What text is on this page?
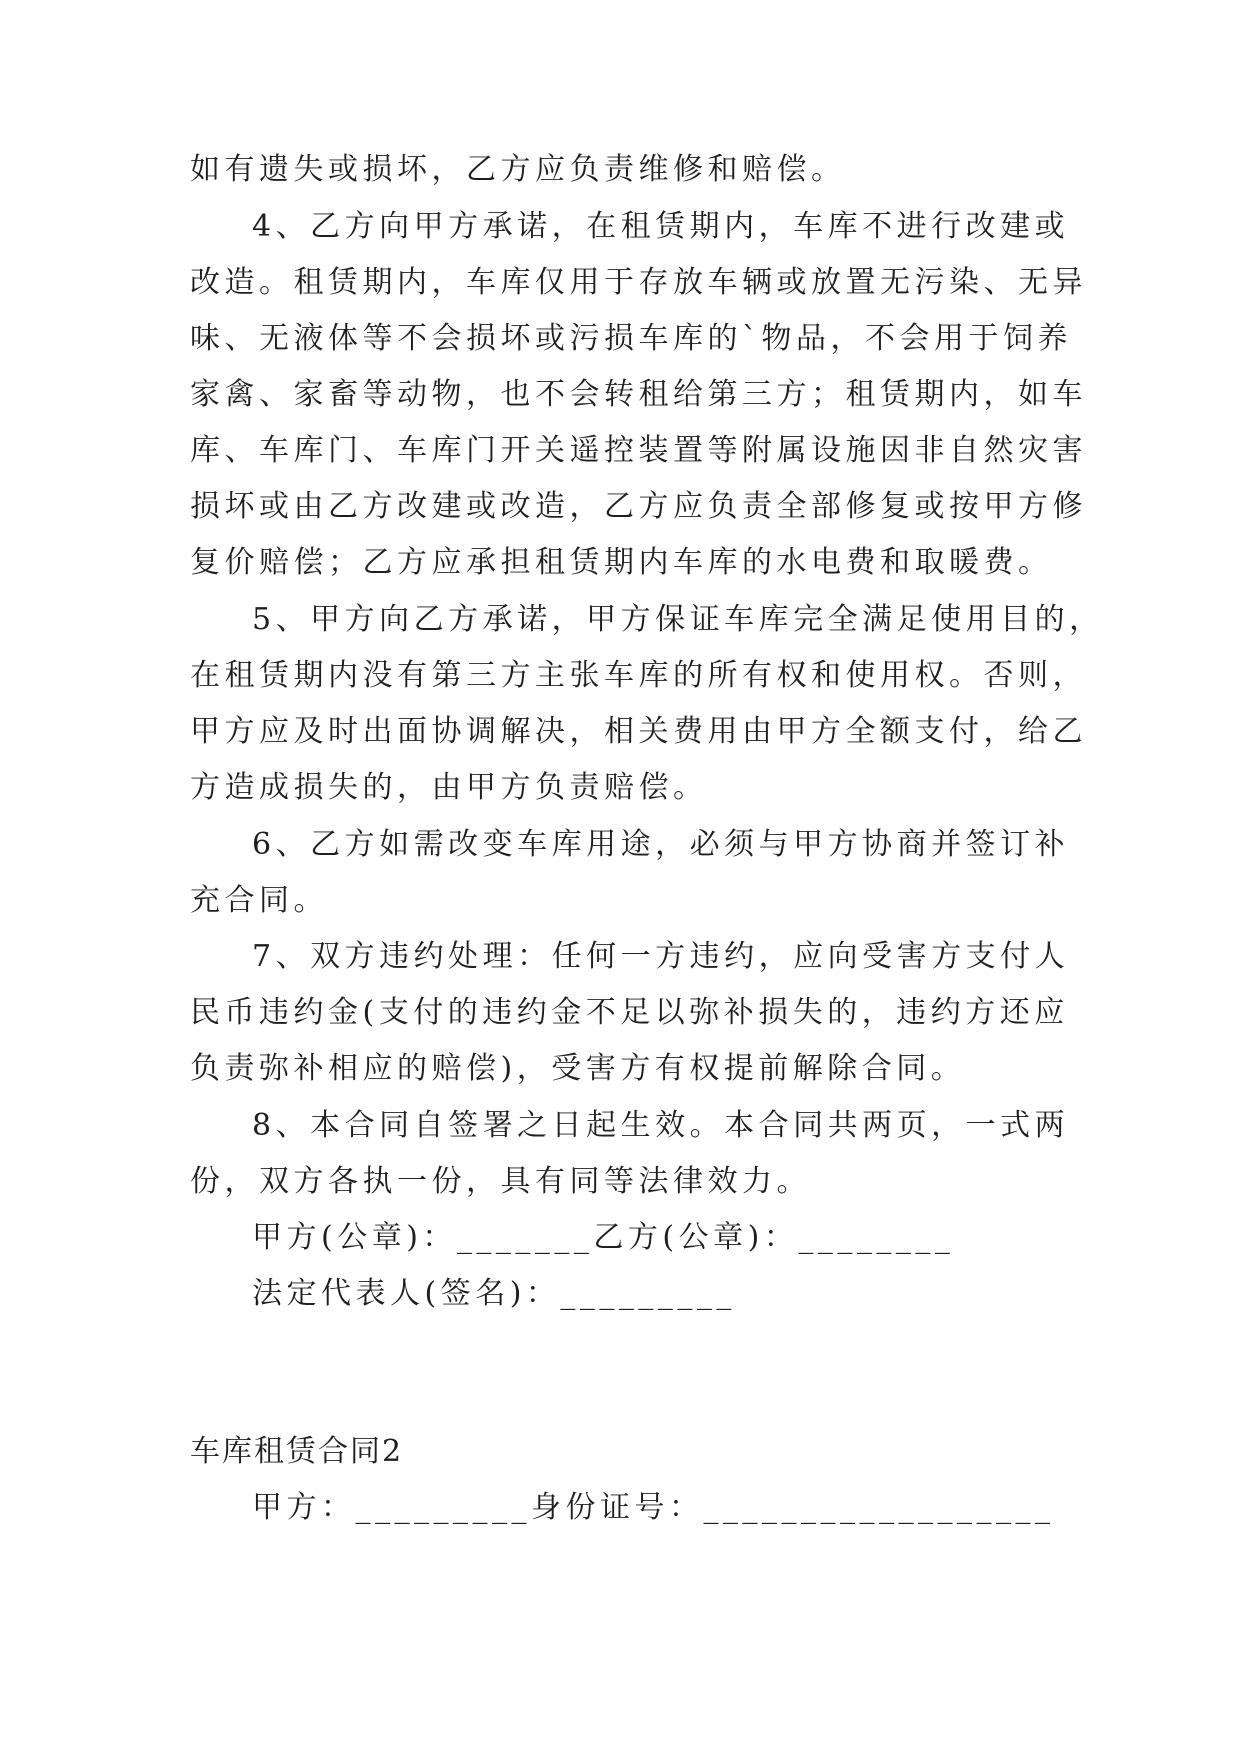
如有遗失或损坏，乙方应负责维修和赔偿。
4、乙方向甲方承诺，在租赁期内，车库不进行改建或
改造。租赁期内，车库仅用于存放车辆或放置无污染、无异
味、无液体等不会损坏或污损车库的`物品，不会用于饲养
家禽、家畜等动物，也不会转租给第三方；租赁期内，如车
库、车库门、车库门开关遥控装置等附属设施因非自然灾害
损坏或由乙方改建或改造，乙方应负责全部修复或按甲方修
复价赔偿；乙方应承担租赁期内车库的水电费和取暖费。
5、甲方向乙方承诺，甲方保证车库完全满足使用目的，
在租赁期内没有第三方主张车库的所有权和使用权。否则，
甲方应及时出面协调解决，相关费用由甲方全额支付，给乙
方造成损失的，由甲方负责赔偿。
6、乙方如需改变车库用途，必须与甲方协商并签订补
充合同。
7、双方违约处理：任何一方违约，应向受害方支付人
民币违约金(支付的违约金不足以弥补损失的，违约方还应
负责弥补相应的赔偿)，受害方有权提前解除合同。
8、本合同自签署之日起生效。本合同共两页，一式两
份，双方各执一份，具有同等法律效力。
甲方(公章)：_______乙方(公章)：________
法定代表人(签名)：_________
车库租赁合同2
甲方：_________身份证号：__________________
